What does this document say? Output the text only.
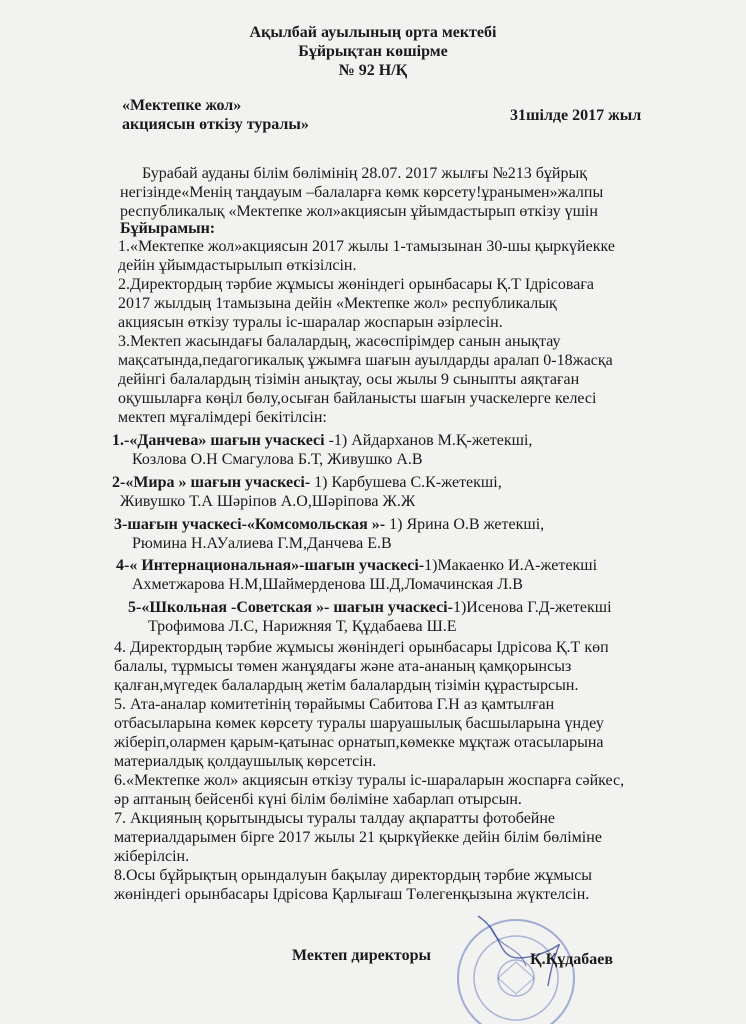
Ақылбай ауылының орта мектебі
Бұйрықтан көшірме
№ 92 Н/Қ
«Мектепке жол»
акциясын өткізу туралы»
31шілде 2017 жыл
Бурабай ауданы білім бөлімінің 28.07. 2017 жылғы №213 бұйрық
негізінде«Менің таңдауым –балаларға көмк көрсету!ұранымен»жалпы
республикалық «Мектепке жол»акциясын ұйымдастырып өткізу үшін
Бұйырамын:
1.«Мектепке жол»акциясын 2017 жылы 1-тамызынан 30-шы қыркүйекке
дейін ұйымдастырылып өткізілсін.
2.Директордың тәрбие жұмысы жөніндегі орынбасары Қ.Т Ідрісоваға
2017 жылдың 1тамызына дейін «Мектепке жол» республикалық
акциясын өткізу туралы іс-шаралар жоспарын әзірлесін.
3.Мектеп жасындағы балалардың, жасөспірімдер санын анықтау
мақсатында,педагогикалық ұжымға шағын ауылдарды аралап 0-18жасқа
дейінгі балалардың тізімін анықтау, осы жылы 9 сыныпты аяқтаған
оқушыларға көңіл бөлу,осыған байланысты шағын учаскелерге келесі
мектеп мұғалімдері бекітілсін:
1.-«Данчева» шағын учаскесі -1) Айдарханов М.Қ-жетекші,
Козлова О.Н Смагулова Б.Т, Живушко А.В
2-«Мира » шағын учаскесі- 1) Карбушева С.К-жетекші,
Живушко Т.А Шәріпов А.О,Шәріпова Ж.Ж
3-шағын учаскесі-«Комсомольская »- 1) Ярина О.В жетекші,
Рюмина Н.АУалиева Г.М,Данчева Е.В
4-« Интернациональная»-шағын учаскесі-1)Макаенко И.А-жетекші
Ахметжарова Н.М,Шаймерденова Ш.Д,Ломачинская Л.В
5-«Школьная -Советская »- шағын учаскесі-1)Исенова Г.Д-жетекші
Трофимова Л.С, Нарижняя Т, Құдабаева Ш.Е
4. Директордың тәрбие жұмысы жөніндегі орынбасары Ідрісова Қ.Т көп
балалы, тұрмысы төмен жанұядағы және ата-ананың қамқорынсыз
қалған,мүгедек балалардың жетім балалардың тізімін құрастырсын.
5. Ата-аналар комитетінің төрайымы Сабитова Г.Н аз қамтылған
отбасыларына көмек көрсету туралы шаруашылық басшыларына үндеу
жіберіп,олармен қарым-қатынас орнатып,көмекке мұқтаж отасыларына
материалдық қолдаушылық көрсетсін.
6.«Мектепке жол» акциясын өткізу туралы іс-шараларын жоспарға сәйкес,
әр аптаның бейсенбі күні білім бөліміне хабарлап отырсын.
7. Акцияның қорытындысы туралы талдау ақпаратты фотобейне
материалдарымен бірге 2017 жылы 21 қыркүйекке дейін білім бөліміне
жіберілсін.
8.Осы бұйрықтың орындалуын бақылау директордың тәрбие жұмысы
жөніндегі орынбасары Ідрісова Қарлығаш Төлегенқызына жүктелсін.
Мектеп директоры	Қ.Құдабаев
